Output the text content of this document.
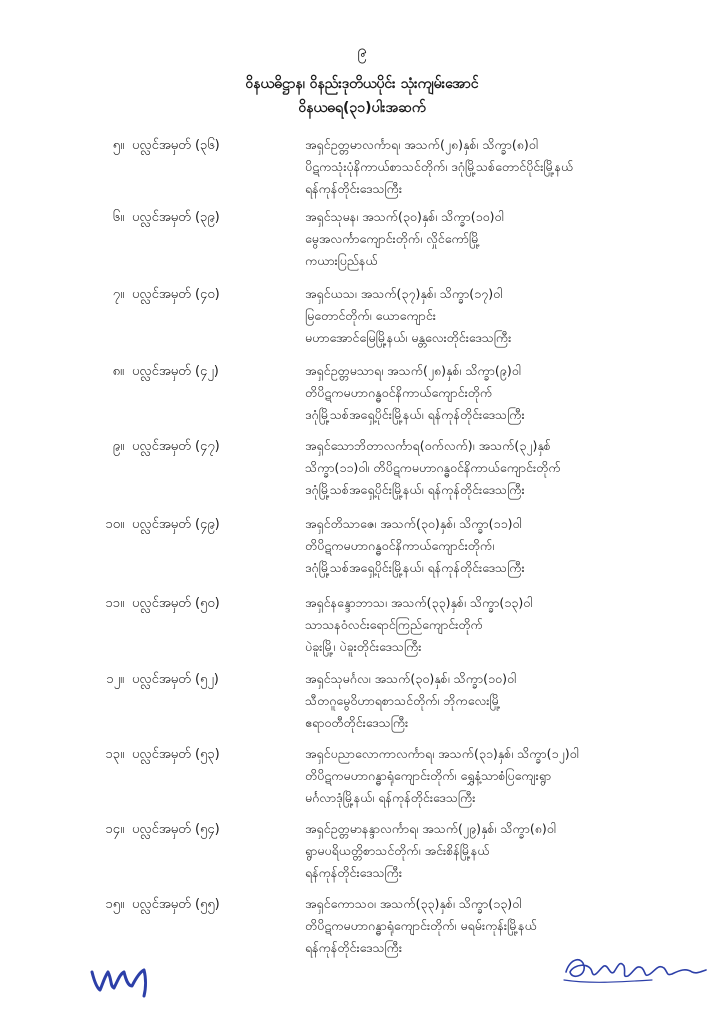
၉
ဝိနယဓိဋ္ဌာန၊ ဝိနည်းဒုတိယပိုင်း သုံးကျမ်းအောင်
ဝိနယဓရ(၃၁)ပါးအဆက်
၅။ ပလ္လင်အမှတ် (၃၆)	အရှင်ဥတ္တမာလင်္ကာရ၊ အသက်(၂၈)နှစ်၊ သိက္ခာ(၈)ဝါ
ပိဋကသုံးပုံနိကာယ်စာသင်တိုက်၊ ဒဂုံမြို့သစ်တောင်ပိုင်းမြို့နယ်
ရန်ကုန်တိုင်းဒေသကြီး
၆။ ပလ္လင်အမှတ် (၃၉)	အရှင်သုမန၊ အသက်(၃၀)နှစ်၊ သိက္ခာ(၁၀)ဝါ
မွေအလင်္ကာကျောင်းတိုက်၊ လှိုင်ကော်မြို့
ကယားပြည်နယ်
၇။ ပလ္လင်အမှတ် (၄၀)	အရှင်ယသ၊ အသက်(၃၇)နှစ်၊ သိက္ခာ(၁၇)ဝါ
မြတောင်တိုက်၊ ယောကျောင်း
မဟာအောင်မြေမြို့နယ်၊ မန္တလေးတိုင်းဒေသကြီး
၈။ ပလ္လင်အမှတ် (၄၂)	အရှင်ဥတ္တမသာရ၊ အသက်(၂၈)နှစ်၊ သိက္ခာ(၉)ဝါ
တိပိဋကမဟာဂန္ဓဝင်နိကာယ်ကျောင်းတိုက်
ဒဂုံမြို့သစ်အရှေ့ပိုင်းမြို့နယ်၊ ရန်ကုန်တိုင်းဒေသကြီး
၉။ ပလ္လင်အမှတ် (၄၇)	အရှင်သောဘိတာလင်္ကာရ(ဝက်လက်)၊ အသက်(၃၂)နှစ်
သိက္ခာ(၁၁)ဝါ၊ တိပိဋကမဟာဂန္ဓဝင်နိကာယ်ကျောင်းတိုက်
ဒဂုံမြို့သစ်အရှေ့ပိုင်းမြို့နယ်၊ ရန်ကုန်တိုင်းဒေသကြီး
၁၀။ ပလ္လင်အမှတ် (၄၉)	အရှင်တိသာဇေ၊ အသက်(၃၀)နှစ်၊ သိက္ခာ(၁၁)ဝါ
တိပိဋကမဟာဂန္ဓဝင်နိကာယ်ကျောင်းတိုက်၊
ဒဂုံမြို့သစ်အရှေ့ပိုင်းမြို့နယ်၊ ရန်ကုန်တိုင်းဒေသကြီး
၁၁။ ပလ္လင်အမှတ် (၅၀)	အရှင်နန္ဒောဘာသ၊ အသက်(၃၃)နှစ်၊ သိက္ခာ(၁၃)ဝါ
သာသနဝံလင်းရောင်ကြည်ကျောင်းတိုက်
ပဲခူးမြို့၊ ပဲခူးတိုင်းဒေသကြီး
၁၂။ ပလ္လင်အမှတ် (၅၂)	အရှင်သုမင်္ဂလ၊ အသက်(၃၀)နှစ်၊ သိက္ခာ(၁၀)ဝါ
သီတဂူမွေဝိဟာရစာသင်တိုက်၊ ဘိုကလေးမြို့
ဧရာဝတီတိုင်းဒေသကြီး
၁၃။ ပလ္လင်အမှတ် (၅၃)	အရှင်ပညာလောကာလင်္ကာရ၊ အသက်(၃၁)နှစ်၊ သိက္ခာ(၁၂)ဝါ
တိပိဋကမဟာဂန္ဓာရုံကျောင်းတိုက်၊ ရွှေနံ့သာစံပြကျေးရွာ
မင်္ဂလာဒုံမြို့နယ်၊ ရန်ကုန်တိုင်းဒေသကြီး
၁၄။ ပလ္လင်အမှတ် (၅၄)	အရှင်ဥတ္တမာနန္ဒာလင်္ကာရ၊ အသက်(၂၉)နှစ်၊ သိက္ခာ(၈)ဝါ
ရွာမပရိယတ္တိစာသင်တိုက်၊ အင်းစိန်မြို့နယ်
ရန်ကုန်တိုင်းဒေသကြီး
၁၅။ ပလ္လင်အမှတ် (၅၅)	အရှင်ကောသဝ၊ အသက်(၃၃)နှစ်၊ သိက္ခာ(၁၃)ဝါ
တိပိဋကမဟာဂန္ဓာရုံကျောင်းတိုက်၊ မရမ်းကုန်းမြို့နယ်
ရန်ကုန်တိုင်းဒေသကြီး
